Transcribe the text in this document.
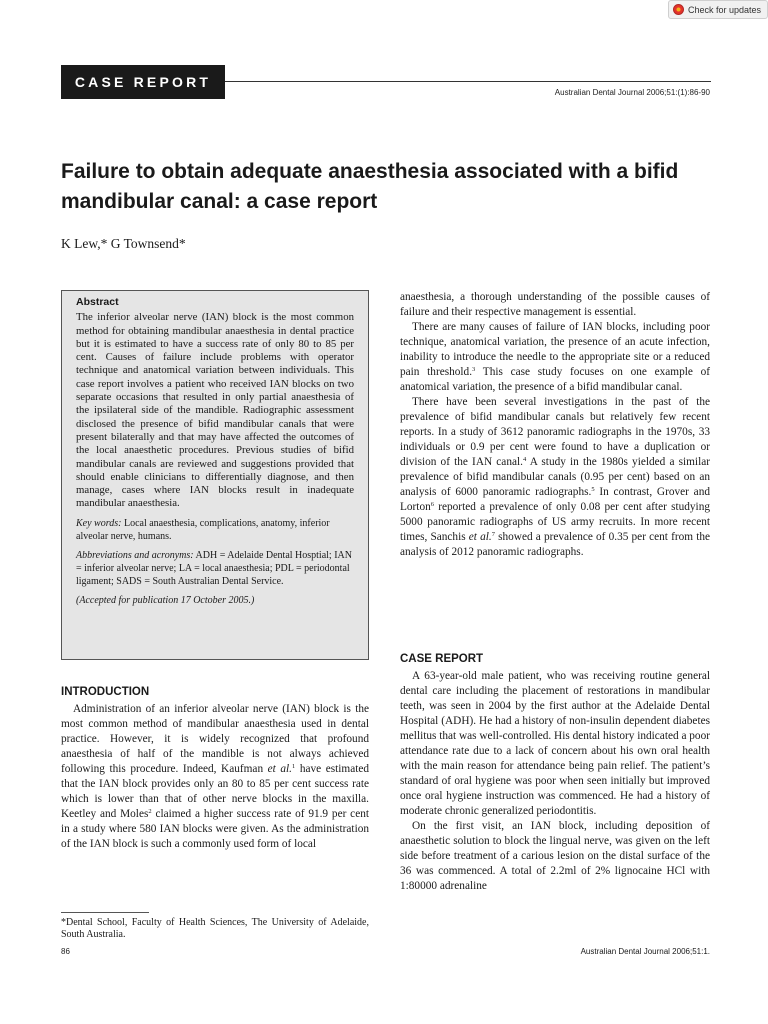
Check for updates
CASE REPORT
Australian Dental Journal 2006;51:(1):86-90
Failure to obtain adequate anaesthesia associated with a bifid mandibular canal: a case report
K Lew,* G Townsend*
Abstract

The inferior alveolar nerve (IAN) block is the most common method for obtaining mandibular anaesthesia in dental practice but it is estimated to have a success rate of only 80 to 85 per cent. Causes of failure include problems with operator technique and anatomical variation between individuals. This case report involves a patient who received IAN blocks on two separate occasions that resulted in only partial anaesthesia of the ipsilateral side of the mandible. Radiographic assessment disclosed the presence of bifid mandibular canals that were present bilaterally and that may have affected the outcomes of the local anaesthetic procedures. Previous studies of bifid mandibular canals are reviewed and suggestions provided that should enable clinicians to differentially diagnose, and then manage, cases where IAN blocks result in inadequate mandibular anaesthesia.

Key words: Local anaesthesia, complications, anatomy, inferior alveolar nerve, humans.

Abbreviations and acronyms: ADH = Adelaide Dental Hosptial; IAN = inferior alveolar nerve; LA = local anaesthesia; PDL = periodontal ligament; SADS = South Australian Dental Service.

(Accepted for publication 17 October 2005.)

INTRODUCTION

Administration of an inferior alveolar nerve (IAN) block is the most common method of mandibular anaesthesia used in dental practice. However, it is widely recognized that profound anaesthesia of half of the mandible is not always achieved following this procedure. Indeed, Kaufman et al.$^1$ have estimated that the IAN block provides only an 80 to 85 per cent success rate which is lower than that of other nerve blocks in the maxilla. Keetley and Moles$^2$ claimed a higher success rate of 91.9 per cent in a study where 580 IAN blocks were given. As the administration of the IAN block is such a commonly used form of local

*Dental School, Faculty of Health Sciences, The University of Adelaide, South Australia.

anaesthesia, a thorough understanding of the possible causes of failure and their respective management is essential.

There are many causes of failure of IAN blocks, including poor technique, anatomical variation, the presence of an acute infection, inability to introduce the needle to the appropriate site or a reduced pain threshold.$^3$ This case study focuses on one example of anatomical variation, the presence of a bifid mandibular canal.

There have been several investigations in the past of the prevalence of bifid mandibular canals but relatively few recent reports. In a study of 3612 panoramic radiographs in the 1970s, 33 individuals or 0.9 per cent were found to have a duplication or division of the IAN canal.$^4$ A study in the 1980s yielded a similar prevalence of bifid mandibular canals (0.95 per cent) based on an analysis of 6000 panoramic radiographs.$^5$ In contrast, Grover and Lorton$^6$ reported a prevalence of only 0.08 per cent after studying 5000 panoramic radiographs of US army recruits. In more recent times, Sanchis et al.$^7$ showed a prevalence of 0.35 per cent from the analysis of 2012 panoramic radiographs.

CASE REPORT

A 63-year-old male patient, who was receiving routine general dental care including the placement of restorations in mandibular teeth, was seen in 2004 by the first author at the Adelaide Dental Hospital (ADH). He had a history of non-insulin dependent diabetes mellitus that was well-controlled. His dental history indicated a poor attendance rate due to a lack of concern about his own oral health with the main reason for attendance being pain relief. The patient’s standard of oral hygiene was poor when seen initially but improved once oral hygiene instruction was commenced. He had a history of moderate chronic generalized periodontitis.

On the first visit, an IAN block, including deposition of anaesthetic solution to block the lingual nerve, was given on the left side before treatment of a carious lesion on the distal surface of the 36 was commenced. A total of 2.2ml of 2% lignocaine HCl with 1:80000 adrenaline

86	Australian Dental Journal 2006;51:1.
